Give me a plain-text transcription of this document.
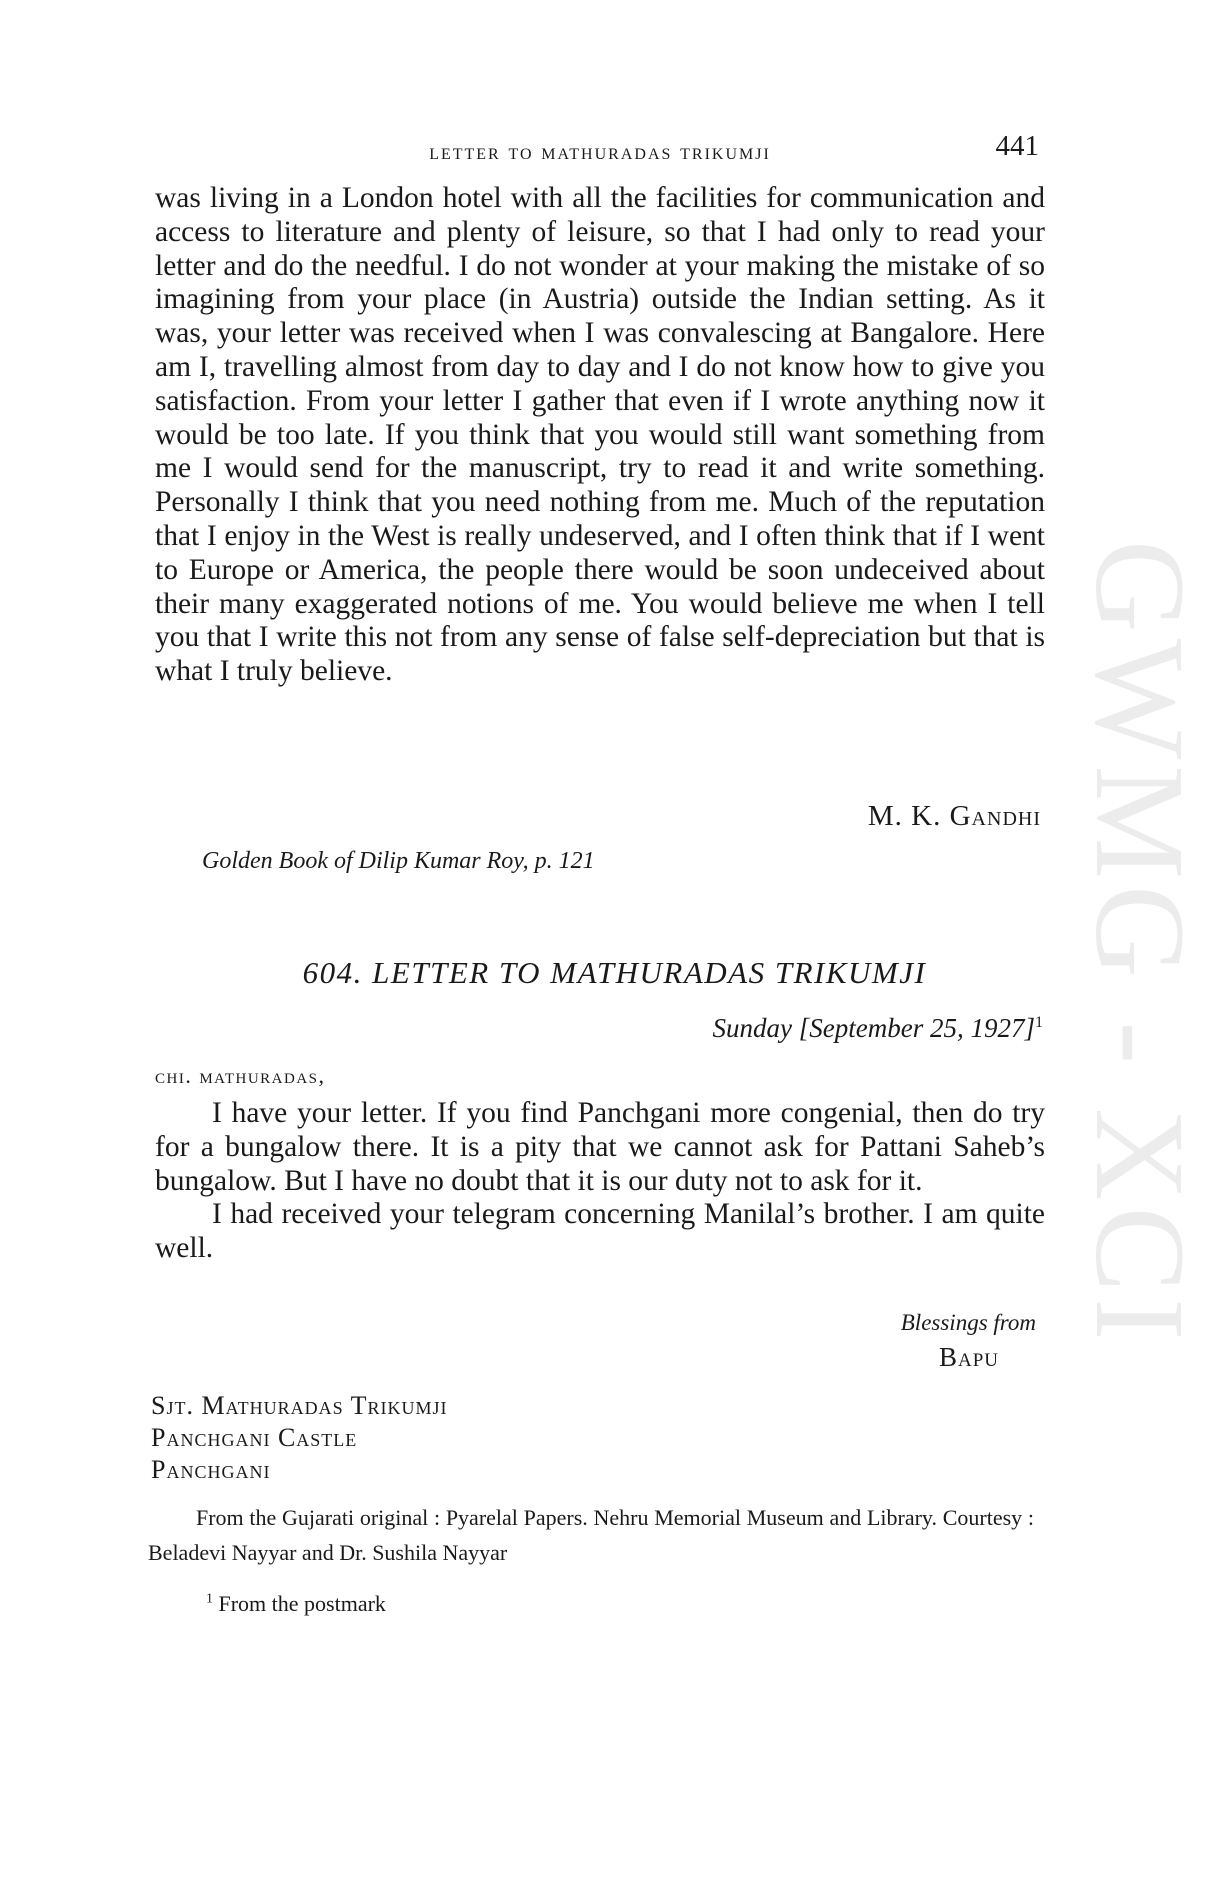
letter to mathuradas trikumji	441

was living in a London hotel with all the facilities for communication and access to literature and plenty of leisure, so that I had only to read your letter and do the needful. I do not wonder at your making the mistake of so imagining from your place (in Austria) outside the Indian setting. As it was, your letter was received when I was convalescing at Bangalore. Here am I, travelling almost from day to day and I do not know how to give you satisfaction. From your letter I gather that even if I wrote anything now it would be too late. If you think that you would still want something from me I would send for the manuscript, try to read it and write something. Personally I think that you need nothing from me. Much of the reputation that I enjoy in the West is really undeserved, and I often think that if I went to Europe or America, the people there would be soon undeceived about their many exaggerated notions of me. You would believe me when I tell you that I write this not from any sense of false self-depreciation but that is what I truly believe.

M. K. Gandhi
Golden Book of Dilip Kumar Roy, p. 121
604. LETTER TO MATHURADAS TRIKUMJI
Sunday [September 25, 1927]$^1$
chi. mathuradas,

I have your letter. If you find Panchgani more congenial, then do try for a bungalow there. It is a pity that we cannot ask for Pattani Saheb’s bungalow. But I have no doubt that it is our duty not to ask for it.

I had received your telegram concerning Manilal’s brother. I am quite well.

Blessings from
Bapu
Sjt. Mathuradas Trikumji
Panchgani Castle
Panchgani
From the Gujarati original : Pyarelal Papers. Nehru Memorial Museum and Library. Courtesy : Beladevi Nayyar and Dr. Sushila Nayyar
$^1$ From the postmark
GWMG - XCI
